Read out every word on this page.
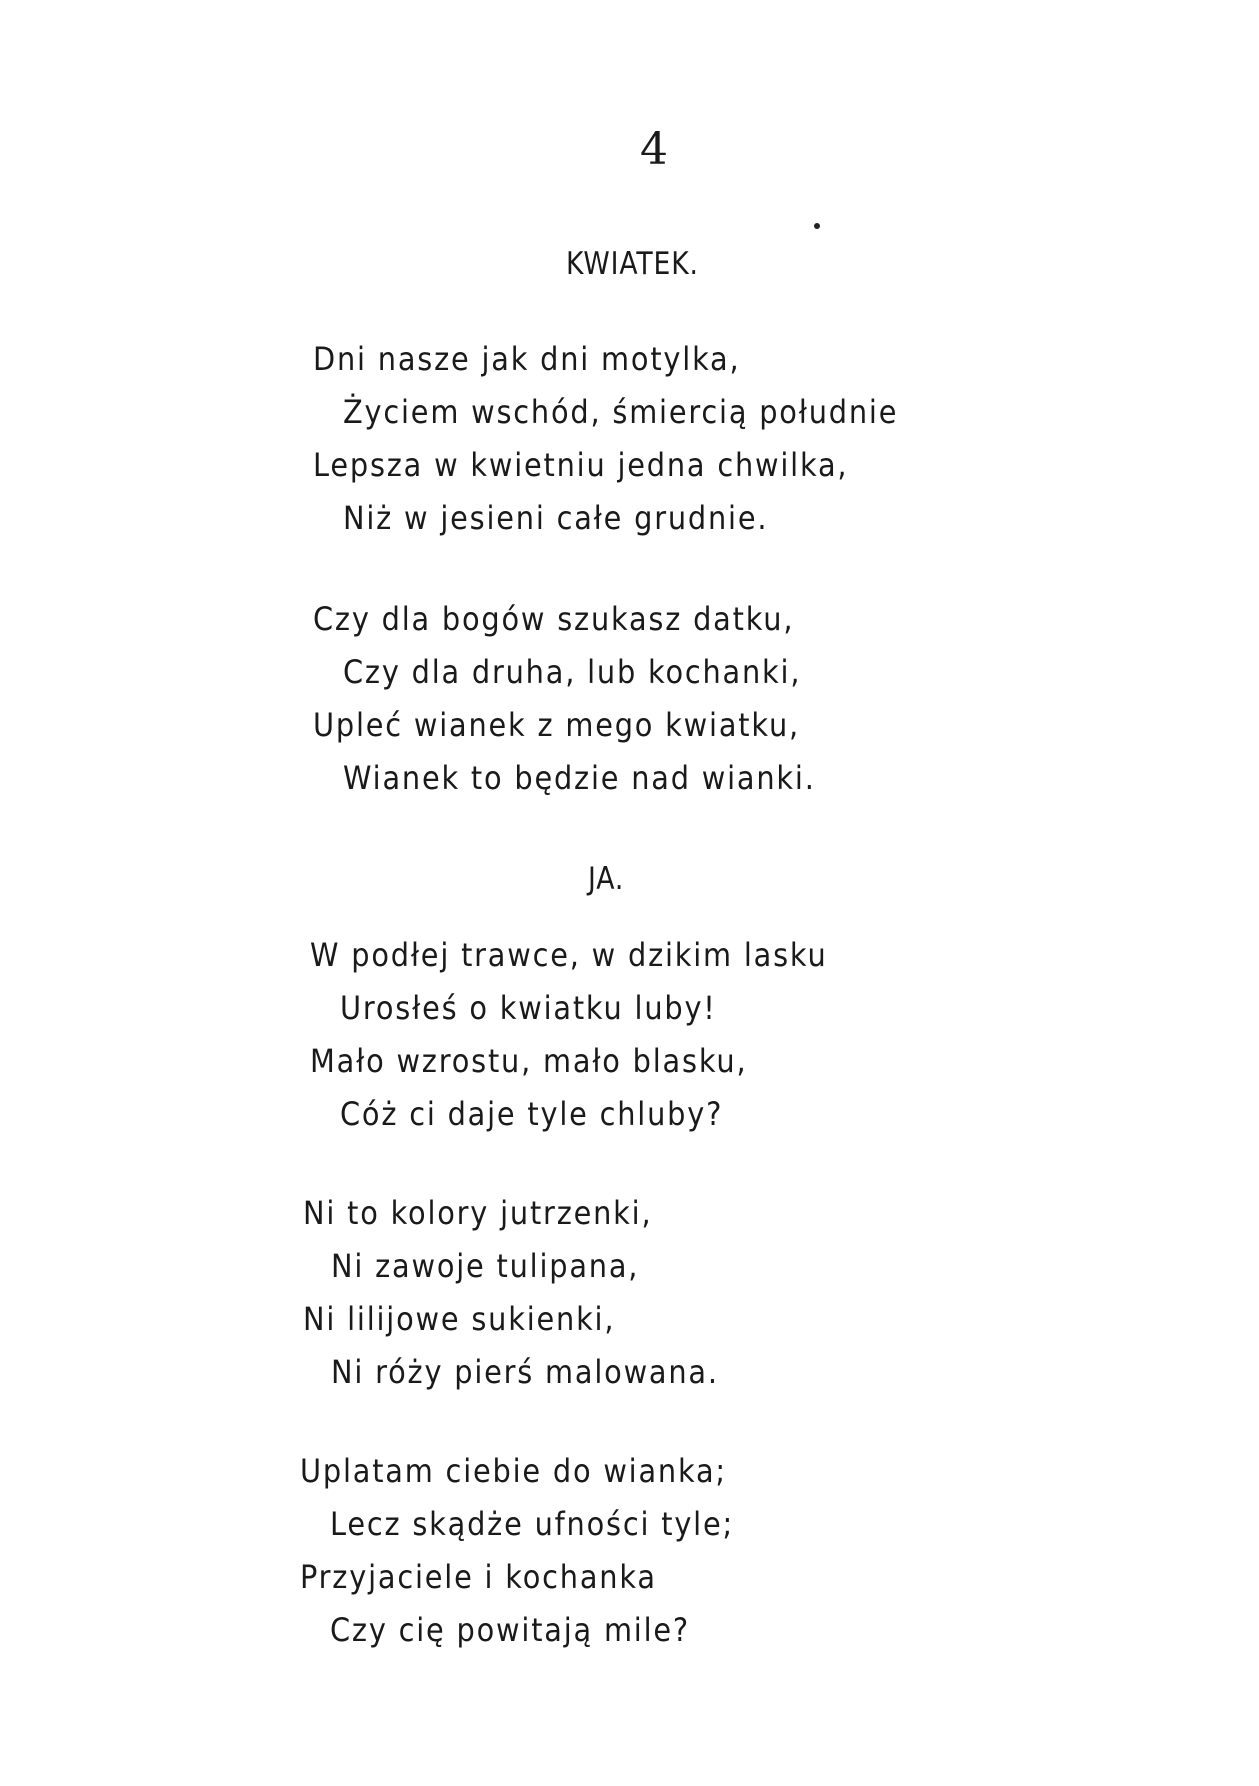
4
KWIATEK.
Dni nasze jak dni motylka,
Życiem wschód, śmiercią południe
Lepsza w kwietniu jedna chwilka,
Niż w jesieni całe grudnie.
Czy dla bogów szukasz datku,
Czy dla druha, lub kochanki,
Upleć wianek z mego kwiatku,
Wianek to będzie nad wianki.
JA.
W podłej trawce, w dzikim lasku
Urosłeś o kwiatku luby!
Mało wzrostu, mało blasku,
Cóż ci daje tyle chluby?
Ni to kolory jutrzenki,
Ni zawoje tulipana,
Ni lilijowe sukienki,
Ni róży pierś malowana.
Uplatam ciebie do wianka;
Lecz skądże ufności tyle;
Przyjaciele i kochanka
Czy cię powitają mile?
